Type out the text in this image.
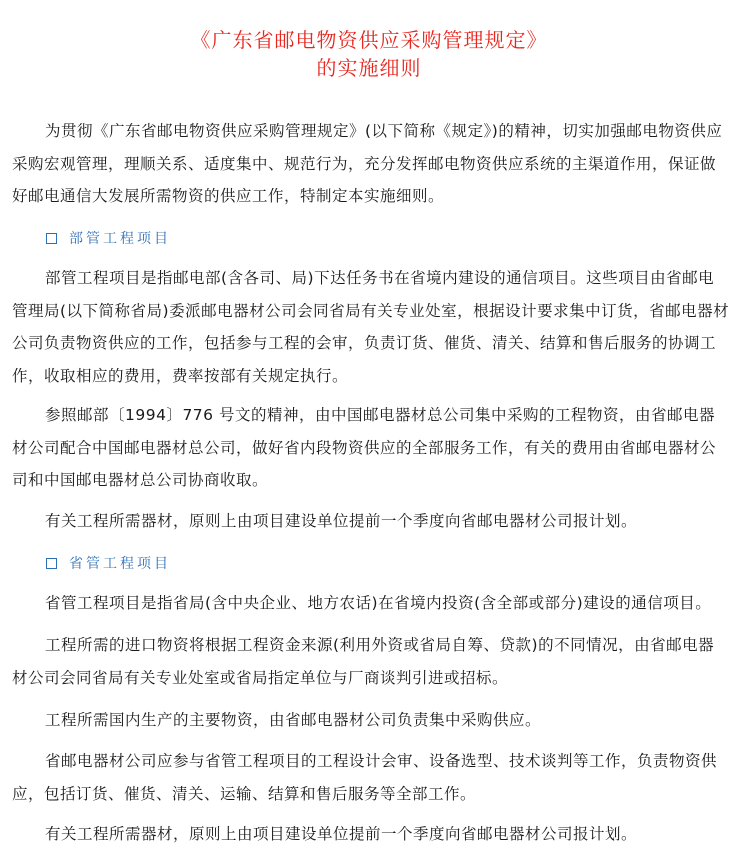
《广东省邮电物资供应采购管理规定》
的实施细则

为贯彻《广东省邮电物资供应采购管理规定》(以下简称《规定》)的精神，切实加强邮电物资供应采购宏观管理，理顺关系、适度集中、规范行为，充分发挥邮电物资供应系统的主渠道作用，保证做好邮电通信大发展所需物资的供应工作，特制定本实施细则。

部管工程项目

部管工程项目是指邮电部(含各司、局)下达任务书在省境内建设的通信项目。这些项目由省邮电管理局(以下简称省局)委派邮电器材公司会同省局有关专业处室，根据设计要求集中订货，省邮电器材公司负责物资供应的工作，包括参与工程的会审，负责订货、催货、清关、结算和售后服务的协调工作，收取相应的费用，费率按部有关规定执行。

参照邮部〔1994〕776 号文的精神，由中国邮电器材总公司集中采购的工程物资，由省邮电器材公司配合中国邮电器材总公司，做好省内段物资供应的全部服务工作，有关的费用由省邮电器材公司和中国邮电器材总公司协商收取。

有关工程所需器材，原则上由项目建设单位提前一个季度向省邮电器材公司报计划。

省管工程项目

省管工程项目是指省局(含中央企业、地方农话)在省境内投资(含全部或部分)建设的通信项目。

工程所需的进口物资将根据工程资金来源(利用外资或省局自筹、贷款)的不同情况，由省邮电器材公司会同省局有关专业处室或省局指定单位与厂商谈判引进或招标。

工程所需国内生产的主要物资，由省邮电器材公司负责集中采购供应。

省邮电器材公司应参与省管工程项目的工程设计会审、设备选型、技术谈判等工作，负责物资供应，包括订货、催货、清关、运输、结算和售后服务等全部工作。

有关工程所需器材，原则上由项目建设单位提前一个季度向省邮电器材公司报计划。
